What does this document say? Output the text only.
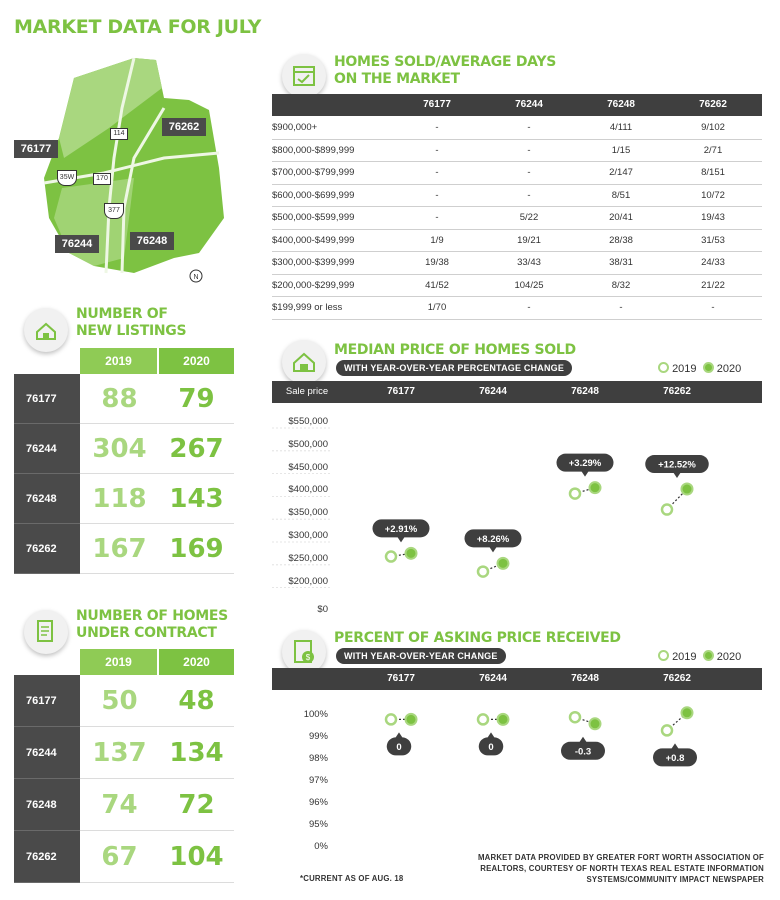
MARKET DATA FOR JULY
N
76177
76262
76244	76248
114
35W	170
377
NUMBER OF
NEW LISTINGS
2019	2020
76177	88	79
76244	304 267
76248	118 143
76262	167 169
NUMBER OF HOMES
UNDER CONTRACT
2019	2020
76177	50	48
76244	137 134
76248	74	72
76262	67	104
HOMES SOLD/AVERAGE DAYS
ON THE MARKET
76177	76244	76248	76262
$900,000+	-	-	4/111	9/102
$800,000-$899,999	-	-	1/15	2/71
$700,000-$799,999	-	-	2/147	8/151
$600,000-$699,999	-	-	8/51	10/72
$500,000-$599,999	-	5/22	20/41	19/43
$400,000-$499,999	1/9	19/21	28/38	31/53
$300,000-$399,999	19/38	33/43	38/31	24/33
$200,000-$299,999	41/52	104/25	8/32	21/22
$199,999 or less	1/70	-	-	-
MEDIAN PRICE OF HOMES SOLD
WITH YEAR-OVER-YEAR PERCENTAGE CHANGE	2019 2020
Sale price	76177	76244	76248	76262
$550,000
$500,000
$450,000
$400,000
$350,000
$300,000
$250,000
$200,000
$0
+2.91%
+8.26%
+3.29%	+12.52%
$
PERCENT OF ASKING PRICE RECEIVED
WITH YEAR-OVER-YEAR CHANGE	2019 2020
76177	76244	76248	76262
100%
99%
98%
97%
96%
95%
0%
0	0	-0.3
+0.8
*CURRENT AS OF AUG. 18
MARKET DATA PROVIDED BY GREATER FORT WORTH ASSOCIATION OF
REALTORS, COURTESY OF NORTH TEXAS REAL ESTATE INFORMATION
SYSTEMS/COMMUNITY IMPACT NEWSPAPER
